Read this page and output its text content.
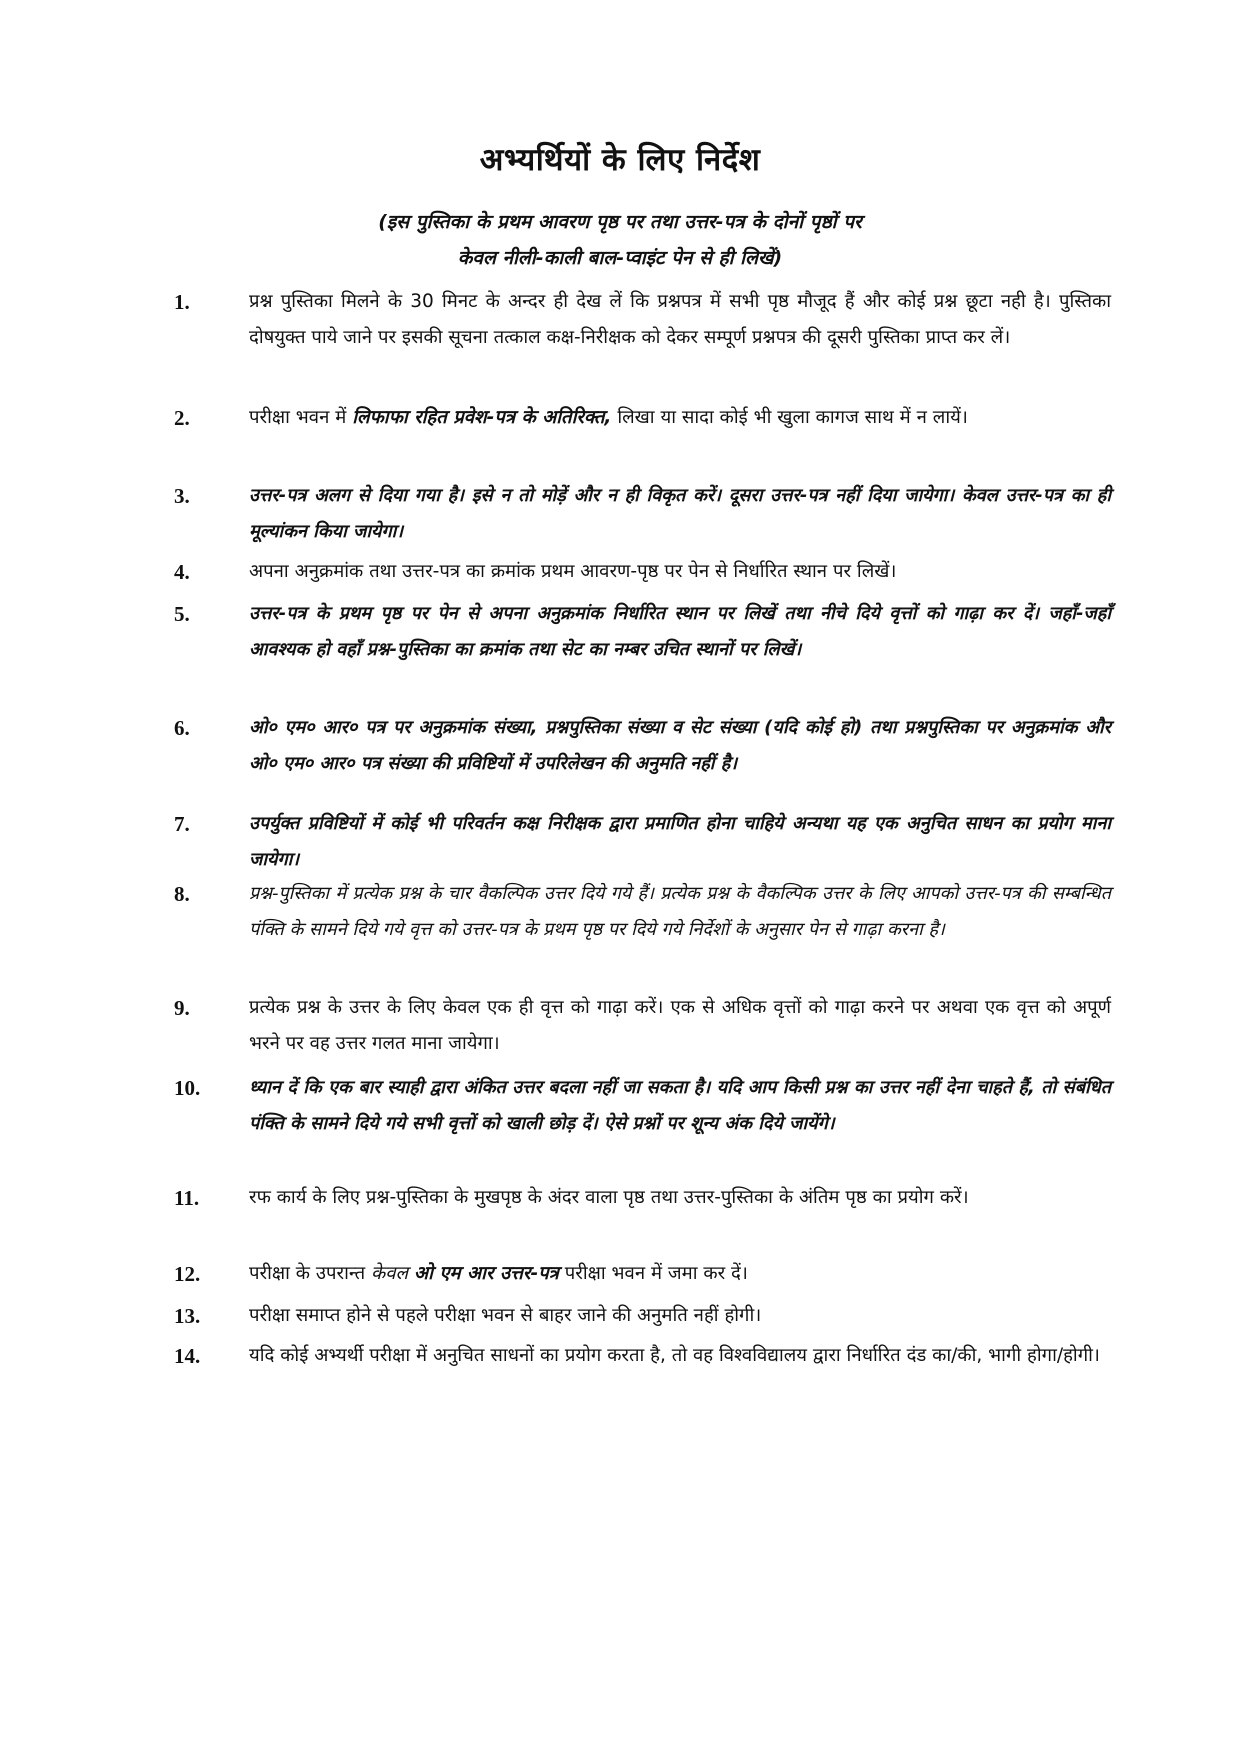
अभ्यर्थियों के लिए निर्देश
(इस पुस्तिका के प्रथम आवरण पृष्ठ पर तथा उत्तर-पत्र के दोनों पृष्ठों पर
केवल नीली-काली बाल-प्वाइंट पेन से ही लिखें)
1.	प्रश्न पुस्तिका मिलने के 30 मिनट के अन्दर ही देख लें कि प्रश्नपत्र में सभी पृष्ठ मौजूद हैं और कोई प्रश्न छूटा नही है। पुस्तिका दोषयुक्त पाये जाने पर इसकी सूचना तत्काल कक्ष-निरीक्षक को देकर सम्पूर्ण प्रश्नपत्र की दूसरी पुस्तिका प्राप्त कर लें।
2.	परीक्षा भवन में लिफाफा रहित प्रवेश-पत्र के अतिरिक्त, लिखा या सादा कोई भी खुला कागज साथ में न लायें।
3.	उत्तर-पत्र अलग से दिया गया है। इसे न तो मोड़ें और न ही विकृत करें। दूसरा उत्तर-पत्र नहीं दिया जायेगा। केवल उत्तर-पत्र का ही मूल्यांकन किया जायेगा।
4.	अपना अनुक्रमांक तथा उत्तर-पत्र का क्रमांक प्रथम आवरण-पृष्ठ पर पेन से निर्धारित स्थान पर लिखें।
5.	उत्तर-पत्र के प्रथम पृष्ठ पर पेन से अपना अनुक्रमांक निर्धारित स्थान पर लिखें तथा नीचे दिये वृत्तों को गाढ़ा कर दें। जहाँ-जहाँ आवश्यक हो वहाँ प्रश्न-पुस्तिका का क्रमांक तथा सेट का नम्बर उचित स्थानों पर लिखें।
6.	ओ० एम० आर० पत्र पर अनुक्रमांक संख्या, प्रश्नपुस्तिका संख्या व सेट संख्या (यदि कोई हो) तथा प्रश्नपुस्तिका पर अनुक्रमांक और ओ० एम० आर० पत्र संख्या की प्रविष्टियों में उपरिलेखन की अनुमति नहीं है।
7.	उपर्युक्त प्रविष्टियों में कोई भी परिवर्तन कक्ष निरीक्षक द्वारा प्रमाणित होना चाहिये अन्यथा यह एक अनुचित साधन का प्रयोग माना जायेगा।
8.	प्रश्न-पुस्तिका में प्रत्येक प्रश्न के चार वैकल्पिक उत्तर दिये गये हैं। प्रत्येक प्रश्न के वैकल्पिक उत्तर के लिए आपको उत्तर-पत्र की सम्बन्धित पंक्ति के सामने दिये गये वृत्त को उत्तर-पत्र के प्रथम पृष्ठ पर दिये गये निर्देशों के अनुसार पेन से गाढ़ा करना है।
9.	प्रत्येक प्रश्न के उत्तर के लिए केवल एक ही वृत्त को गाढ़ा करें। एक से अधिक वृत्तों को गाढ़ा करने पर अथवा एक वृत्त को अपूर्ण भरने पर वह उत्तर गलत माना जायेगा।
10.	ध्यान दें कि एक बार स्याही द्वारा अंकित उत्तर बदला नहीं जा सकता है। यदि आप किसी प्रश्न का उत्तर नहीं देना चाहते हैं, तो संबंधित पंक्ति के सामने दिये गये सभी वृत्तों को खाली छोड़ दें। ऐसे प्रश्नों पर शून्य अंक दिये जायेंगे।
11.	रफ कार्य के लिए प्रश्न-पुस्तिका के मुखपृष्ठ के अंदर वाला पृष्ठ तथा उत्तर-पुस्तिका के अंतिम पृष्ठ का प्रयोग करें।
12.	परीक्षा के उपरान्त केवल ओ एम आर उत्तर-पत्र परीक्षा भवन में जमा कर दें।
13.	परीक्षा समाप्त होने से पहले परीक्षा भवन से बाहर जाने की अनुमति नहीं होगी।
14.	यदि कोई अभ्यर्थी परीक्षा में अनुचित साधनों का प्रयोग करता है, तो वह विश्वविद्यालय द्वारा निर्धारित दंड का/की, भागी होगा/होगी।
